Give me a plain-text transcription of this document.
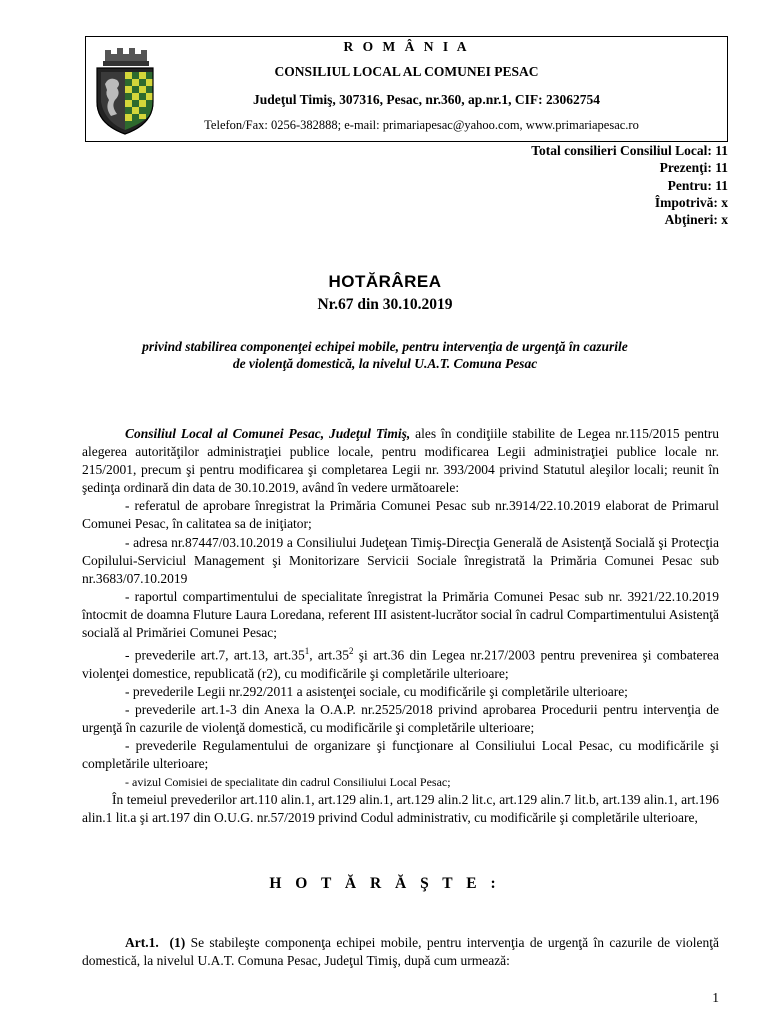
R O M Â N I A
CONSILIUL LOCAL AL COMUNEI PESAC
Judeţul Timiş, 307316, Pesac, nr.360, ap.nr.1, CIF: 23062754
Telefon/Fax: 0256-382888; e-mail: primariapesac@yahoo.com, www.primariapesac.ro
Total consilieri Consiliul Local: 11
Prezenţi: 11
Pentru: 11
Împotrivă: x
Abţineri: x
HOTĂRÂREA
Nr.67 din 30.10.2019
privind stabilirea componenţei echipei mobile, pentru intervenţia de urgenţă în cazurile
de violenţă domestică, la nivelul U.A.T. Comuna Pesac

Consiliul Local al Comunei Pesac, Judeţul Timiş, ales în condiţiile stabilite de Legea nr.115/2015 pentru alegerea autorităţilor administraţiei publice locale, pentru modificarea Legii administraţiei publice locale nr. 215/2001, precum şi pentru modificarea şi completarea Legii nr. 393/2004 privind Statutul aleşilor locali; reunit în şedinţa ordinară din data de 30.10.2019, având în vedere următoarele:

- referatul de aprobare înregistrat la Primăria Comunei Pesac sub nr.3914/22.10.2019 elaborat de Primarul Comunei Pesac, în calitatea sa de iniţiator;

- adresa nr.87447/03.10.2019 a Consiliului Judeţean Timiş-Direcţia Generală de Asistenţă Socială şi Protecţia Copilului-Serviciul Management şi Monitorizare Servicii Sociale înregistrată la Primăria Comunei Pesac sub nr.3683/07.10.2019

- raportul compartimentului de specialitate înregistrat la Primăria Comunei Pesac sub nr. 3921/22.10.2019 întocmit de doamna Fluture Laura Loredana, referent III asistent-lucrător social în cadrul Compartimentului Asistenţă socială al Primăriei Comunei Pesac;

- prevederile art.7, art.13, $art.35^1$, $art.35^2$ şi art.36 din Legea nr.217/2003 pentru prevenirea şi combaterea violenţei domestice, republicată (r2), cu modificările şi completările ulterioare;

- prevederile Legii nr.292/2011 a asistenţei sociale, cu modificările şi completările ulterioare;

- prevederile art.1-3 din Anexa la O.A.P. nr.2525/2018 privind aprobarea Procedurii pentru intervenţia de urgenţă în cazurile de violenţă domestică, cu modificările şi completările ulterioare;

- prevederile Regulamentului de organizare şi funcţionare al Consiliului Local Pesac, cu modificările şi completările ulterioare;

- avizul Comisiei de specialitate din cadrul Consiliului Local Pesac;

În temeiul prevederilor art.110 alin.1, art.129 alin.1, art.129 alin.2 lit.c, art.129 alin.7 lit.b, art.139 alin.1, art.196 alin.1 lit.a şi art.197 din O.U.G. nr.57/2019 privind Codul administrativ, cu modificările şi completările ulterioare,

H O T Ă R Ă Ş T E :
Art.1. (1) Se stabileşte componenţa echipei mobile, pentru intervenţia de urgenţă în cazurile de violenţă domestică, la nivelul U.A.T. Comuna Pesac, Judeţul Timiş, după cum urmează:
1
